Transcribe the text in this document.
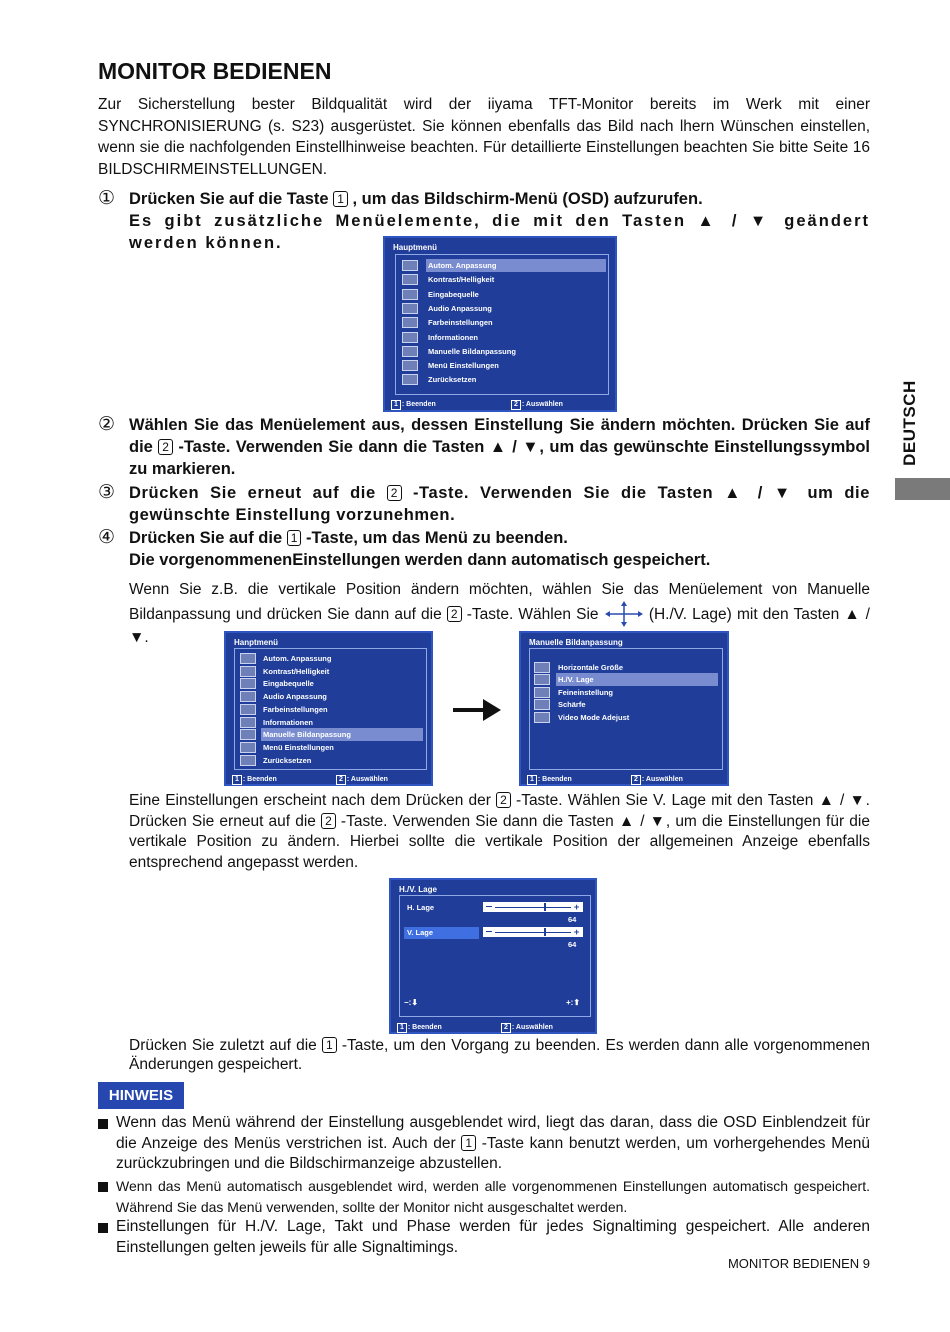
MONITOR BEDIENEN
Zur Sicherstellung bester Bildqualität wird der iiyama TFT-Monitor bereits im Werk mit einer SYNCHRONISIERUNG (s. S23) ausgerüstet. Sie können ebenfalls das Bild nach lhern Wünschen einstellen, wenn sie die nachfolgenden Einstellhinweise beachten. Für detaillierte Einstellungen beachten Sie bitte Seite 16 BILDSCHIRMEINSTELLUNGEN.
DEUTSCH
① Drücken Sie auf die Taste 1 , um das Bildschirm-Menü (OSD) aufzurufen.
Es gibt zusätzliche Menüelemente, die mit den Tasten ▲ / ▼ geändert werden können.	Hauptmenü
Autom. Anpassung
Kontrast/Helligkeit
Eingabequelle
Audio Anpassung
Farbeinstellungen
Informationen
Manuelle Bildanpassung
Menü Einstellungen
Zurücksetzen
1 : Beenden	2 : Auswählen
② Wählen Sie das Menüelement aus, dessen Einstellung Sie ändern möchten. Drücken Sie auf die 2 -Taste. Verwenden Sie dann die Tasten ▲ / ▼, um das gewünschte Einstellungssymbol zu markieren.
③ Drücken Sie erneut auf die 2 -Taste. Verwenden Sie die Tasten ▲ / ▼ um die gewünschte Einstellung vorzunehmen.
④ Drücken Sie auf die 1 -Taste, um das Menü zu beenden.
Die vorgenommenenEinstellungen werden dann automatisch gespeichert.
Wenn Sie z.B. die vertikale Position ändern möchten, wählen Sie das Menüelement von Manuelle Bildanpassung und drücken Sie dann auf die 2 -Taste. Wählen Sie	(H./V. Lage) mit den Tasten ▲ / ▼.	Hanptmenü
Autom. Anpassung
Kontrast/Helligkeit
Eingabequelle
Audio Anpassung
Farbeinstellungen
Informationen
Manuelle Bildanpassung
Menü Einstellungen
Zurücksetzen
1 : Beenden	2 : Auswählen
Manuelle Bildanpassung
Horizontale Größe
H./V. Lage
Feineinstellung
Schärfe
Video Mode Adejust
1 : Beenden	2 : Auswählen
Eine Einstellungen erscheint nach dem Drücken der 2 -Taste. Wählen Sie V. Lage mit den Tasten ▲ / ▼. Drücken Sie erneut auf die 2 -Taste. Verwenden Sie dann die Tasten ▲ / ▼, um die Einstellungen für die vertikale Position zu ändern. Hierbei sollte die vertikale Position der allgemeinen Anzeige ebenfalls entsprechend angepasst werden.
H./V. Lage
H. Lage	+
64
V. Lage	+
64
−:⬇	+:⬆
1 : Beenden	2 : Auswählen
Drücken Sie zuletzt auf die 1 -Taste, um den Vorgang zu beenden. Es werden dann alle vorgenommenen Änderungen gespeichert.
HINWEIS
Wenn das Menü während der Einstellung ausgeblendet wird, liegt das daran, dass die OSD Einblendzeit für die Anzeige des Menüs verstrichen ist. Auch der 1 -Taste kann benutzt werden, um vorhergehendes Menü zurückzubringen und die Bildschirmanzeige abzustellen.
Wenn das Menü automatisch ausgeblendet wird, werden alle vorgenommenen Einstellungen automatisch gespeichert. Während Sie das Menü verwenden, sollte der Monitor nicht ausgeschaltet werden.
Einstellungen für H./V. Lage, Takt und Phase werden für jedes Signaltiming gespeichert. Alle anderen Einstellungen gelten jeweils für alle Signaltimings.
MONITOR BEDIENEN 9
